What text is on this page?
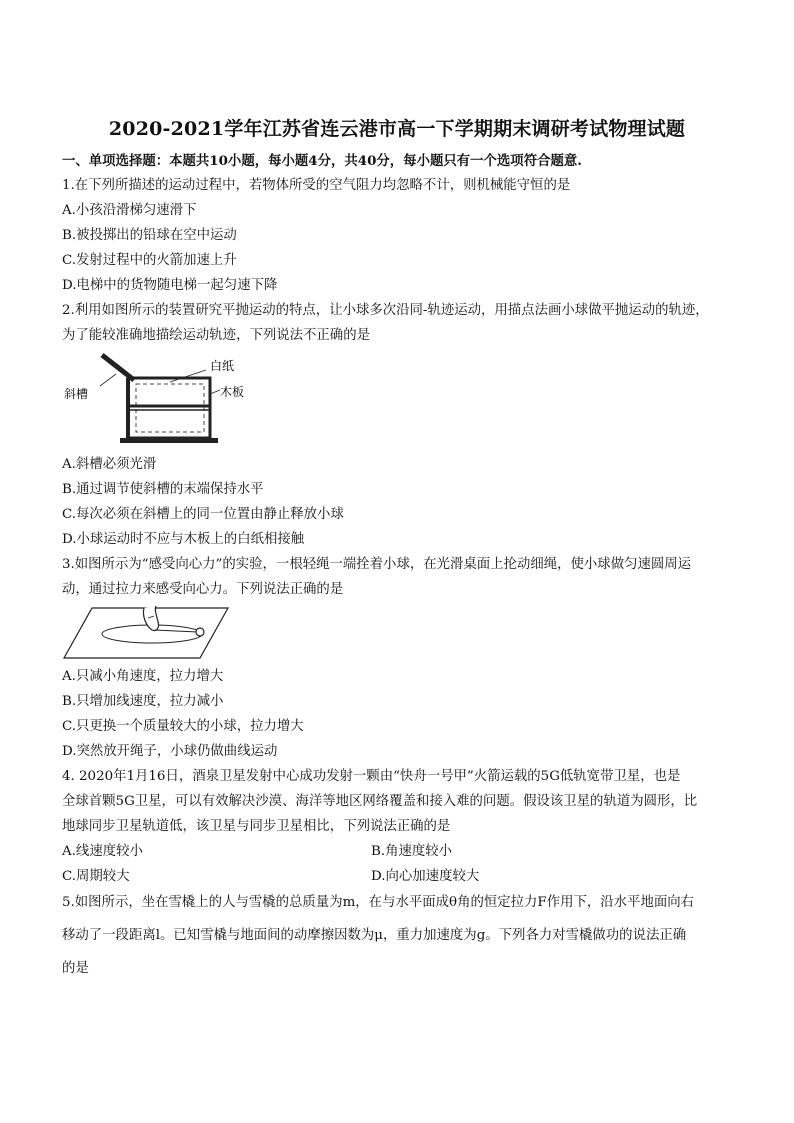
2020-2021学年江苏省连云港市高一下学期期末调研考试物理试题
一、单项选择题：本题共10小题，每小题4分，共40分，每小题只有一个选项符合题意.
1.在下列所描述的运动过程中，若物体所受的空气阻力均忽略不计，则机械能守恒的是
A.小孩沿滑梯匀速滑下
B.被投掷出的铅球在空中运动
C.发射过程中的火箭加速上升
D.电梯中的货物随电梯一起匀速下降
2.利用如图所示的装置研究平抛运动的特点，让小球多次沿同-轨迹运动，用描点法画小球做平抛运动的轨迹，
为了能较准确地描绘运动轨迹，下列说法不正确的是
白纸
木板
斜槽
A.斜槽必须光滑
B.通过调节使斜槽的末端保持水平
C.每次必须在斜槽上的同一位置由静止释放小球
D.小球运动时不应与木板上的白纸相接触
3.如图所示为“感受向心力”的实验，一根轻绳一端拴着小球，在光滑桌面上抡动细绳，使小球做匀速圆周运
动，通过拉力来感受向心力。下列说法正确的是
A.只减小角速度，拉力增大
B.只增加线速度，拉力减小
C.只更换一个质量较大的小球，拉力增大
D.突然放开绳子，小球仍做曲线运动
4. 2020年1月16日，酒泉卫星发射中心成功发射一颗由“快舟一号甲”火箭运载的5G低轨宽带卫星，也是
全球首颗5G卫星，可以有效解决沙漠、海洋等地区网络覆盖和接入难的问题。假设该卫星的轨道为圆形，比
地球同步卫星轨道低，该卫星与同步卫星相比，下列说法正确的是
A.线速度较小	B.角速度较小
C.周期较大	D.向心加速度较大
5.如图所示，坐在雪橇上的人与雪橇的总质量为m，在与水平面成θ角的恒定拉力F作用下，沿水平地面向右
移动了一段距离l。已知雪橇与地面间的动摩擦因数为μ，重力加速度为g。下列各力对雪橇做功的说法正确
的是
